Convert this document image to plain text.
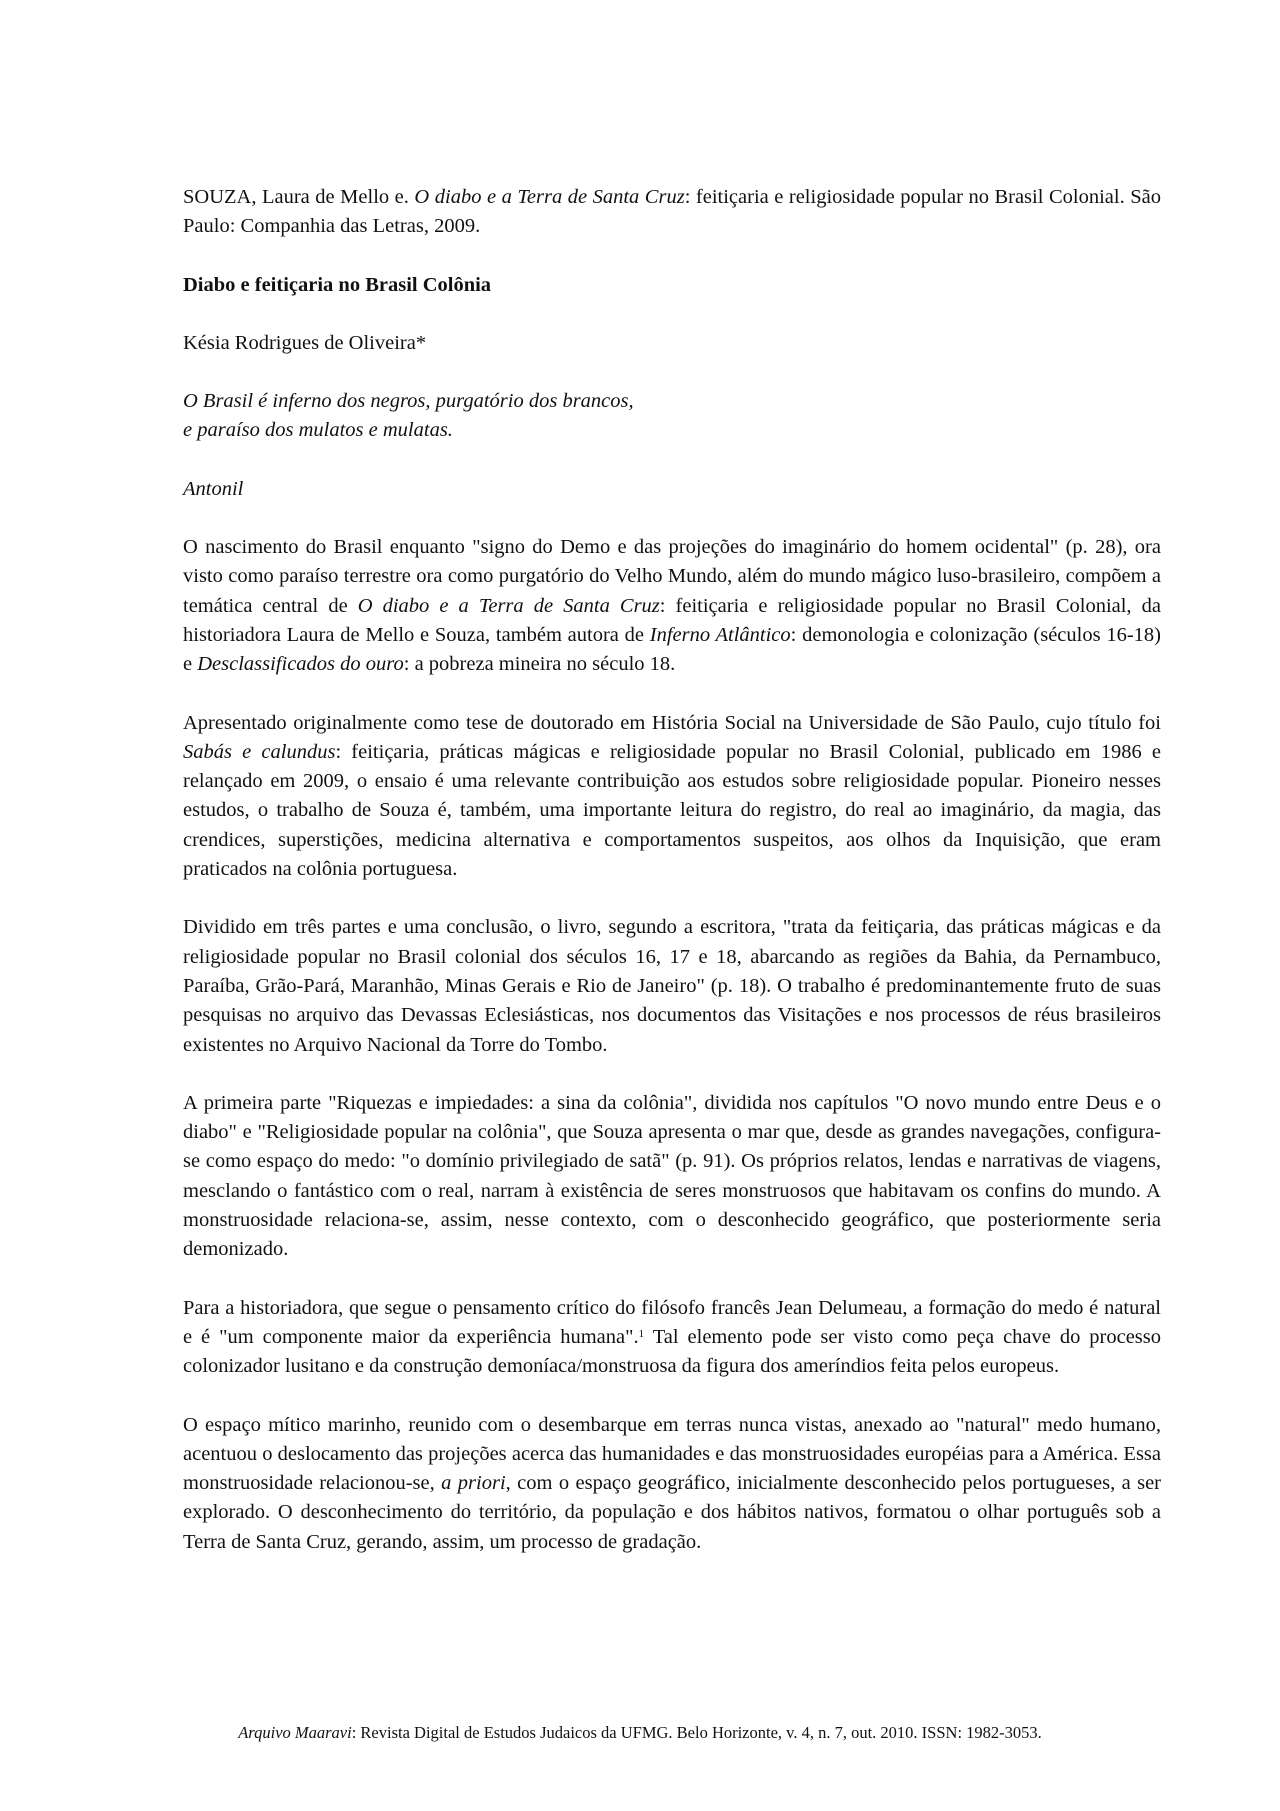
SOUZA, Laura de Mello e. O diabo e a Terra de Santa Cruz: feitiçaria e religiosidade popular no Brasil Colonial. São Paulo: Companhia das Letras, 2009.

Diabo e feitiçaria no Brasil Colônia

Késia Rodrigues de Oliveira*

O Brasil é inferno dos negros, purgatório dos brancos,
e paraíso dos mulatos e mulatas.

Antonil

O nascimento do Brasil enquanto "signo do Demo e das projeções do imaginário do homem ocidental" (p. 28), ora visto como paraíso terrestre ora como purgatório do Velho Mundo, além do mundo mágico luso-brasileiro, compõem a temática central de O diabo e a Terra de Santa Cruz: feitiçaria e religiosidade popular no Brasil Colonial, da historiadora Laura de Mello e Souza, também autora de Inferno Atlântico: demonologia e colonização (séculos 16-18) e Desclassificados do ouro: a pobreza mineira no século 18.

Apresentado originalmente como tese de doutorado em História Social na Universidade de São Paulo, cujo título foi Sabás e calundus: feitiçaria, práticas mágicas e religiosidade popular no Brasil Colonial, publicado em 1986 e relançado em 2009, o ensaio é uma relevante contribuição aos estudos sobre religiosidade popular. Pioneiro nesses estudos, o trabalho de Souza é, também, uma importante leitura do registro, do real ao imaginário, da magia, das crendices, superstições, medicina alternativa e comportamentos suspeitos, aos olhos da Inquisição, que eram praticados na colônia portuguesa.

Dividido em três partes e uma conclusão, o livro, segundo a escritora, "trata da feitiçaria, das práticas mágicas e da religiosidade popular no Brasil colonial dos séculos 16, 17 e 18, abarcando as regiões da Bahia, da Pernambuco, Paraíba, Grão-Pará, Maranhão, Minas Gerais e Rio de Janeiro" (p. 18). O trabalho é predominantemente fruto de suas pesquisas no arquivo das Devassas Eclesiásticas, nos documentos das Visitações e nos processos de réus brasileiros existentes no Arquivo Nacional da Torre do Tombo.

A primeira parte "Riquezas e impiedades: a sina da colônia", dividida nos capítulos "O novo mundo entre Deus e o diabo" e "Religiosidade popular na colônia", que Souza apresenta o mar que, desde as grandes navegações, configura-se como espaço do medo: "o domínio privilegiado de satã" (p. 91). Os próprios relatos, lendas e narrativas de viagens, mesclando o fantástico com o real, narram à existência de seres monstruosos que habitavam os confins do mundo. A monstruosidade relaciona-se, assim, nesse contexto, com o desconhecido geográfico, que posteriormente seria demonizado.

Para a historiadora, que segue o pensamento crítico do filósofo francês Jean Delumeau, a formação do medo é natural e é "um componente maior da experiência humana".$^1$ Tal elemento pode ser visto como peça chave do processo colonizador lusitano e da construção demoníaca/monstruosa da figura dos ameríndios feita pelos europeus.

O espaço mítico marinho, reunido com o desembarque em terras nunca vistas, anexado ao "natural" medo humano, acentuou o deslocamento das projeções acerca das humanidades e das monstruosidades européias para a América. Essa monstruosidade relacionou-se, a priori, com o espaço geográfico, inicialmente desconhecido pelos portugueses, a ser explorado. O desconhecimento do território, da população e dos hábitos nativos, formatou o olhar português sob a Terra de Santa Cruz, gerando, assim, um processo de gradação.

Arquivo Maaravi: Revista Digital de Estudos Judaicos da UFMG. Belo Horizonte, v. 4, n. 7, out. 2010. ISSN: 1982-3053.
